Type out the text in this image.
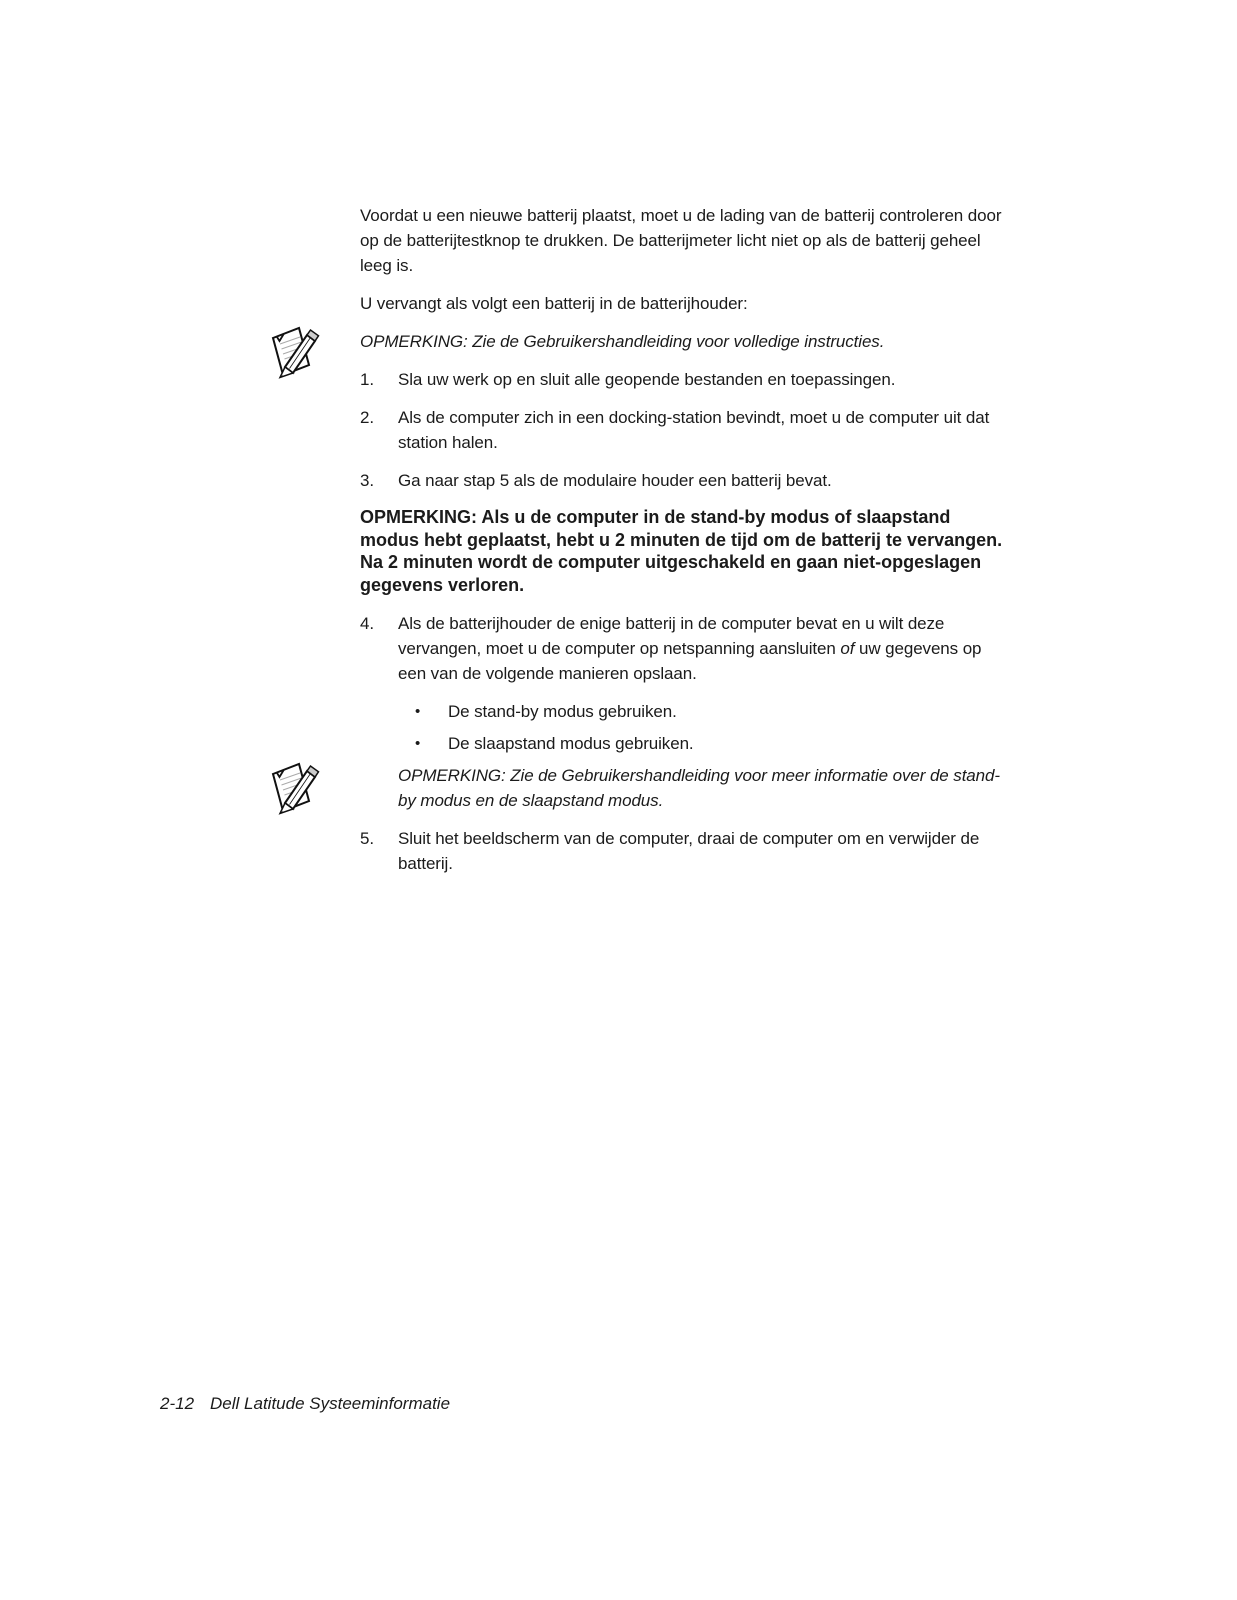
Voordat u een nieuwe batterij plaatst, moet u de lading van de batterij controleren door op de batterijtestknop te drukken. De batterijmeter licht niet op als de batterij geheel leeg is.

U vervangt als volgt een batterij in de batterijhouder:

OPMERKING: Zie de Gebruikershandleiding voor volledige instructies.

1.	Sla uw werk op en sluit alle geopende bestanden en toepassingen.
2.	Als de computer zich in een docking-station bevindt, moet u de computer uit dat station halen.
3.	Ga naar stap 5 als de modulaire houder een batterij bevat.

OPMERKING: Als u de computer in de stand-by modus of slaapstand modus hebt geplaatst, hebt u 2 minuten de tijd om de batterij te vervangen. Na 2 minuten wordt de computer uitgeschakeld en gaan niet-opgeslagen gegevens verloren.

4.	Als de batterijhouder de enige batterij in de computer bevat en u wilt deze vervangen, moet u de computer op netspanning aansluiten of uw gegevens op een van de volgende manieren opslaan.
•	De stand-by modus gebruiken.
•	De slaapstand modus gebruiken.

OPMERKING: Zie de Gebruikershandleiding voor meer informatie over de stand-by modus en de slaapstand modus.

5.	Sluit het beeldscherm van de computer, draai de computer om en verwijder de batterij.
2-12 Dell Latitude Systeeminformatie
